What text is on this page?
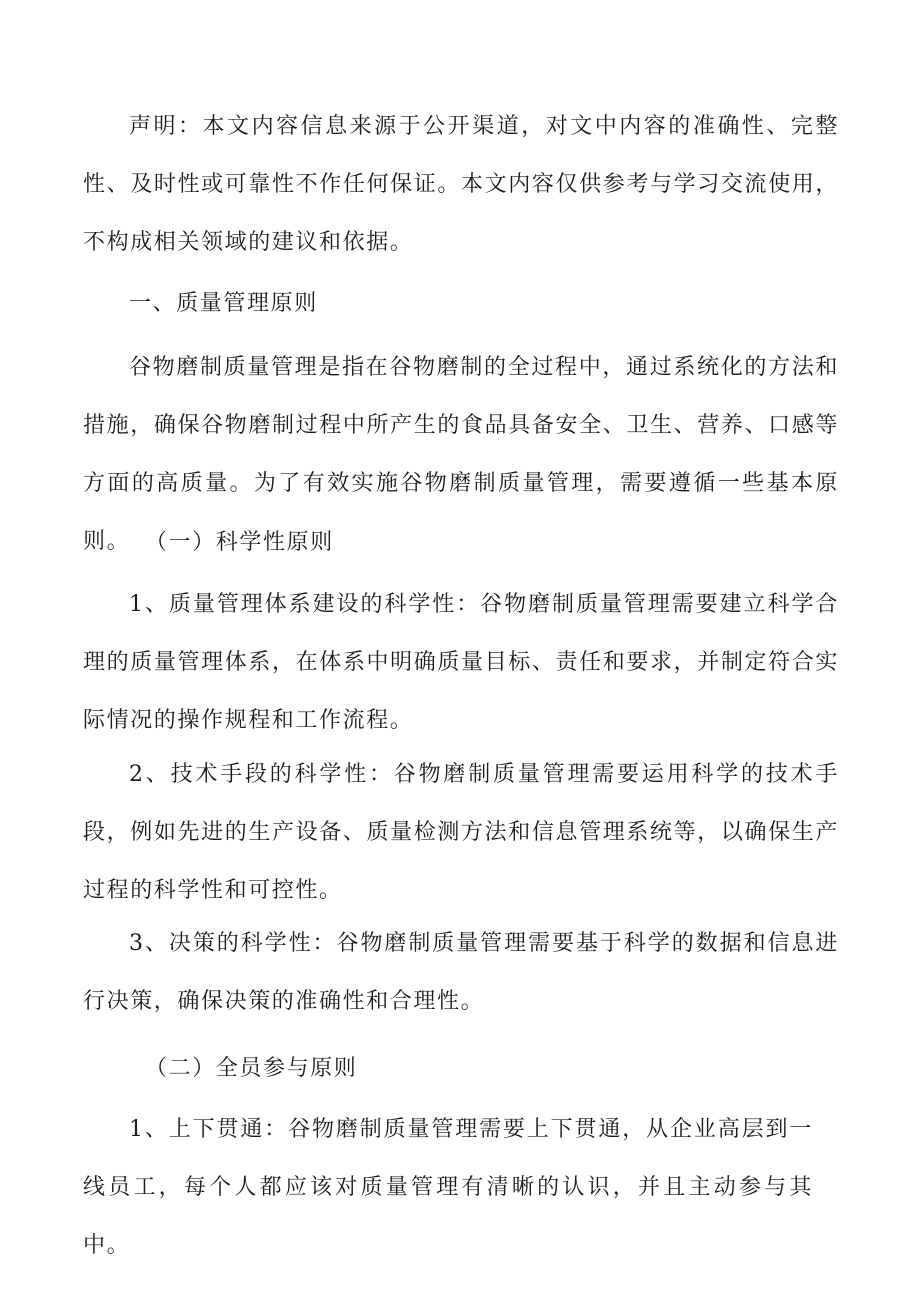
声明：本文内容信息来源于公开渠道，对文中内容的准确性、完整性、及时性或可靠性不作任何保证。本文内容仅供参考与学习交流使用，不构成相关领域的建议和依据。

一、质量管理原则

谷物磨制质量管理是指在谷物磨制的全过程中，通过系统化的方法和措施，确保谷物磨制过程中所产生的食品具备安全、卫生、营养、口感等方面的高质量。为了有效实施谷物磨制质量管理，需要遵循一些基本原则。 （一）科学性原则

1、质量管理体系建设的科学性：谷物磨制质量管理需要建立科学合理的质量管理体系，在体系中明确质量目标、责任和要求，并制定符合实际情况的操作规程和工作流程。

2、技术手段的科学性：谷物磨制质量管理需要运用科学的技术手段，例如先进的生产设备、质量检测方法和信息管理系统等，以确保生产过程的科学性和可控性。

3、决策的科学性：谷物磨制质量管理需要基于科学的数据和信息进行决策，确保决策的准确性和合理性。

（二）全员参与原则

1、上下贯通：谷物磨制质量管理需要上下贯通，从企业高层到一线员工，每个人都应该对质量管理有清晰的认识，并且主动参与其中。
